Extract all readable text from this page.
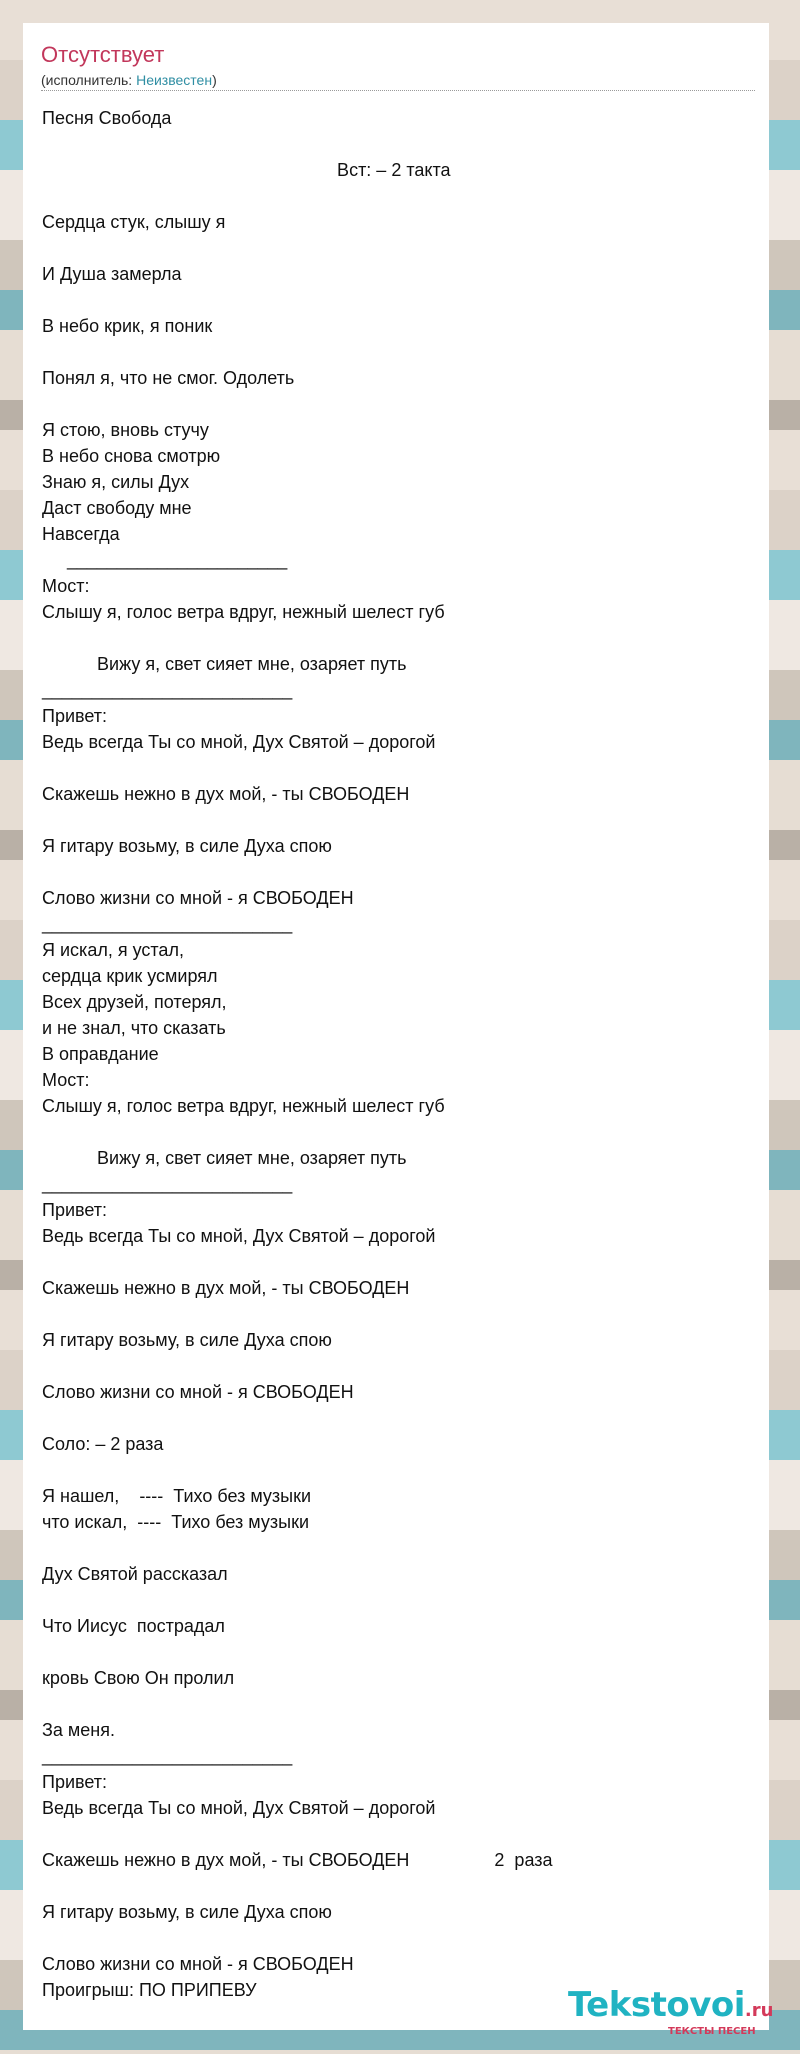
Отсутствует
(исполнитель: Неизвестен)
Песня Свобода

Вст: – 2 такта

Сердца стук, слышу я

И Душа замерла

В небо крик, я поник

Понял я, что не смог. Одолеть

Я стою, вновь стучу
В небо снова смотрю
Знаю я, силы Дух
Даст свободу мне
Навсегда
______________________
Мост:
Слышу я, голос ветра вдруг, нежный шелест губ

Вижу я, свет сияет мне, озаряет путь
_________________________
Привет:
Ведь всегда Ты со мной, Дух Святой – дорогой

Скажешь нежно в дух мой, - ты СВОБОДЕН

Я гитару возьму, в силе Духа спою

Слово жизни со мной - я СВОБОДЕН
_________________________
Я искал, я устал,
сердца крик усмирял
Всех друзей, потерял,
и не знал, что сказать
В оправдание
Мост:
Слышу я, голос ветра вдруг, нежный шелест губ

Вижу я, свет сияет мне, озаряет путь
_________________________
Привет:
Ведь всегда Ты со мной, Дух Святой – дорогой

Скажешь нежно в дух мой, - ты СВОБОДЕН

Я гитару возьму, в силе Духа спою

Слово жизни со мной - я СВОБОДЕН

Соло: – 2 раза

Я нашел,    ----  Тихо без музыки
что искал,  ----  Тихо без музыки

Дух Святой рассказал

Что Иисус  пострадал

кровь Свою Он пролил

За меня.
_________________________
Привет:
Ведь всегда Ты со мной, Дух Святой – дорогой

Скажешь нежно в дух мой, - ты СВОБОДЕН                 2  раза

Я гитару возьму, в силе Духа спою

Слово жизни со мной - я СВОБОДЕН
Проигрыш: ПО ПРИПЕВУ	Tekstovoi.ru
ТЕКСТЫ ПЕСЕН
